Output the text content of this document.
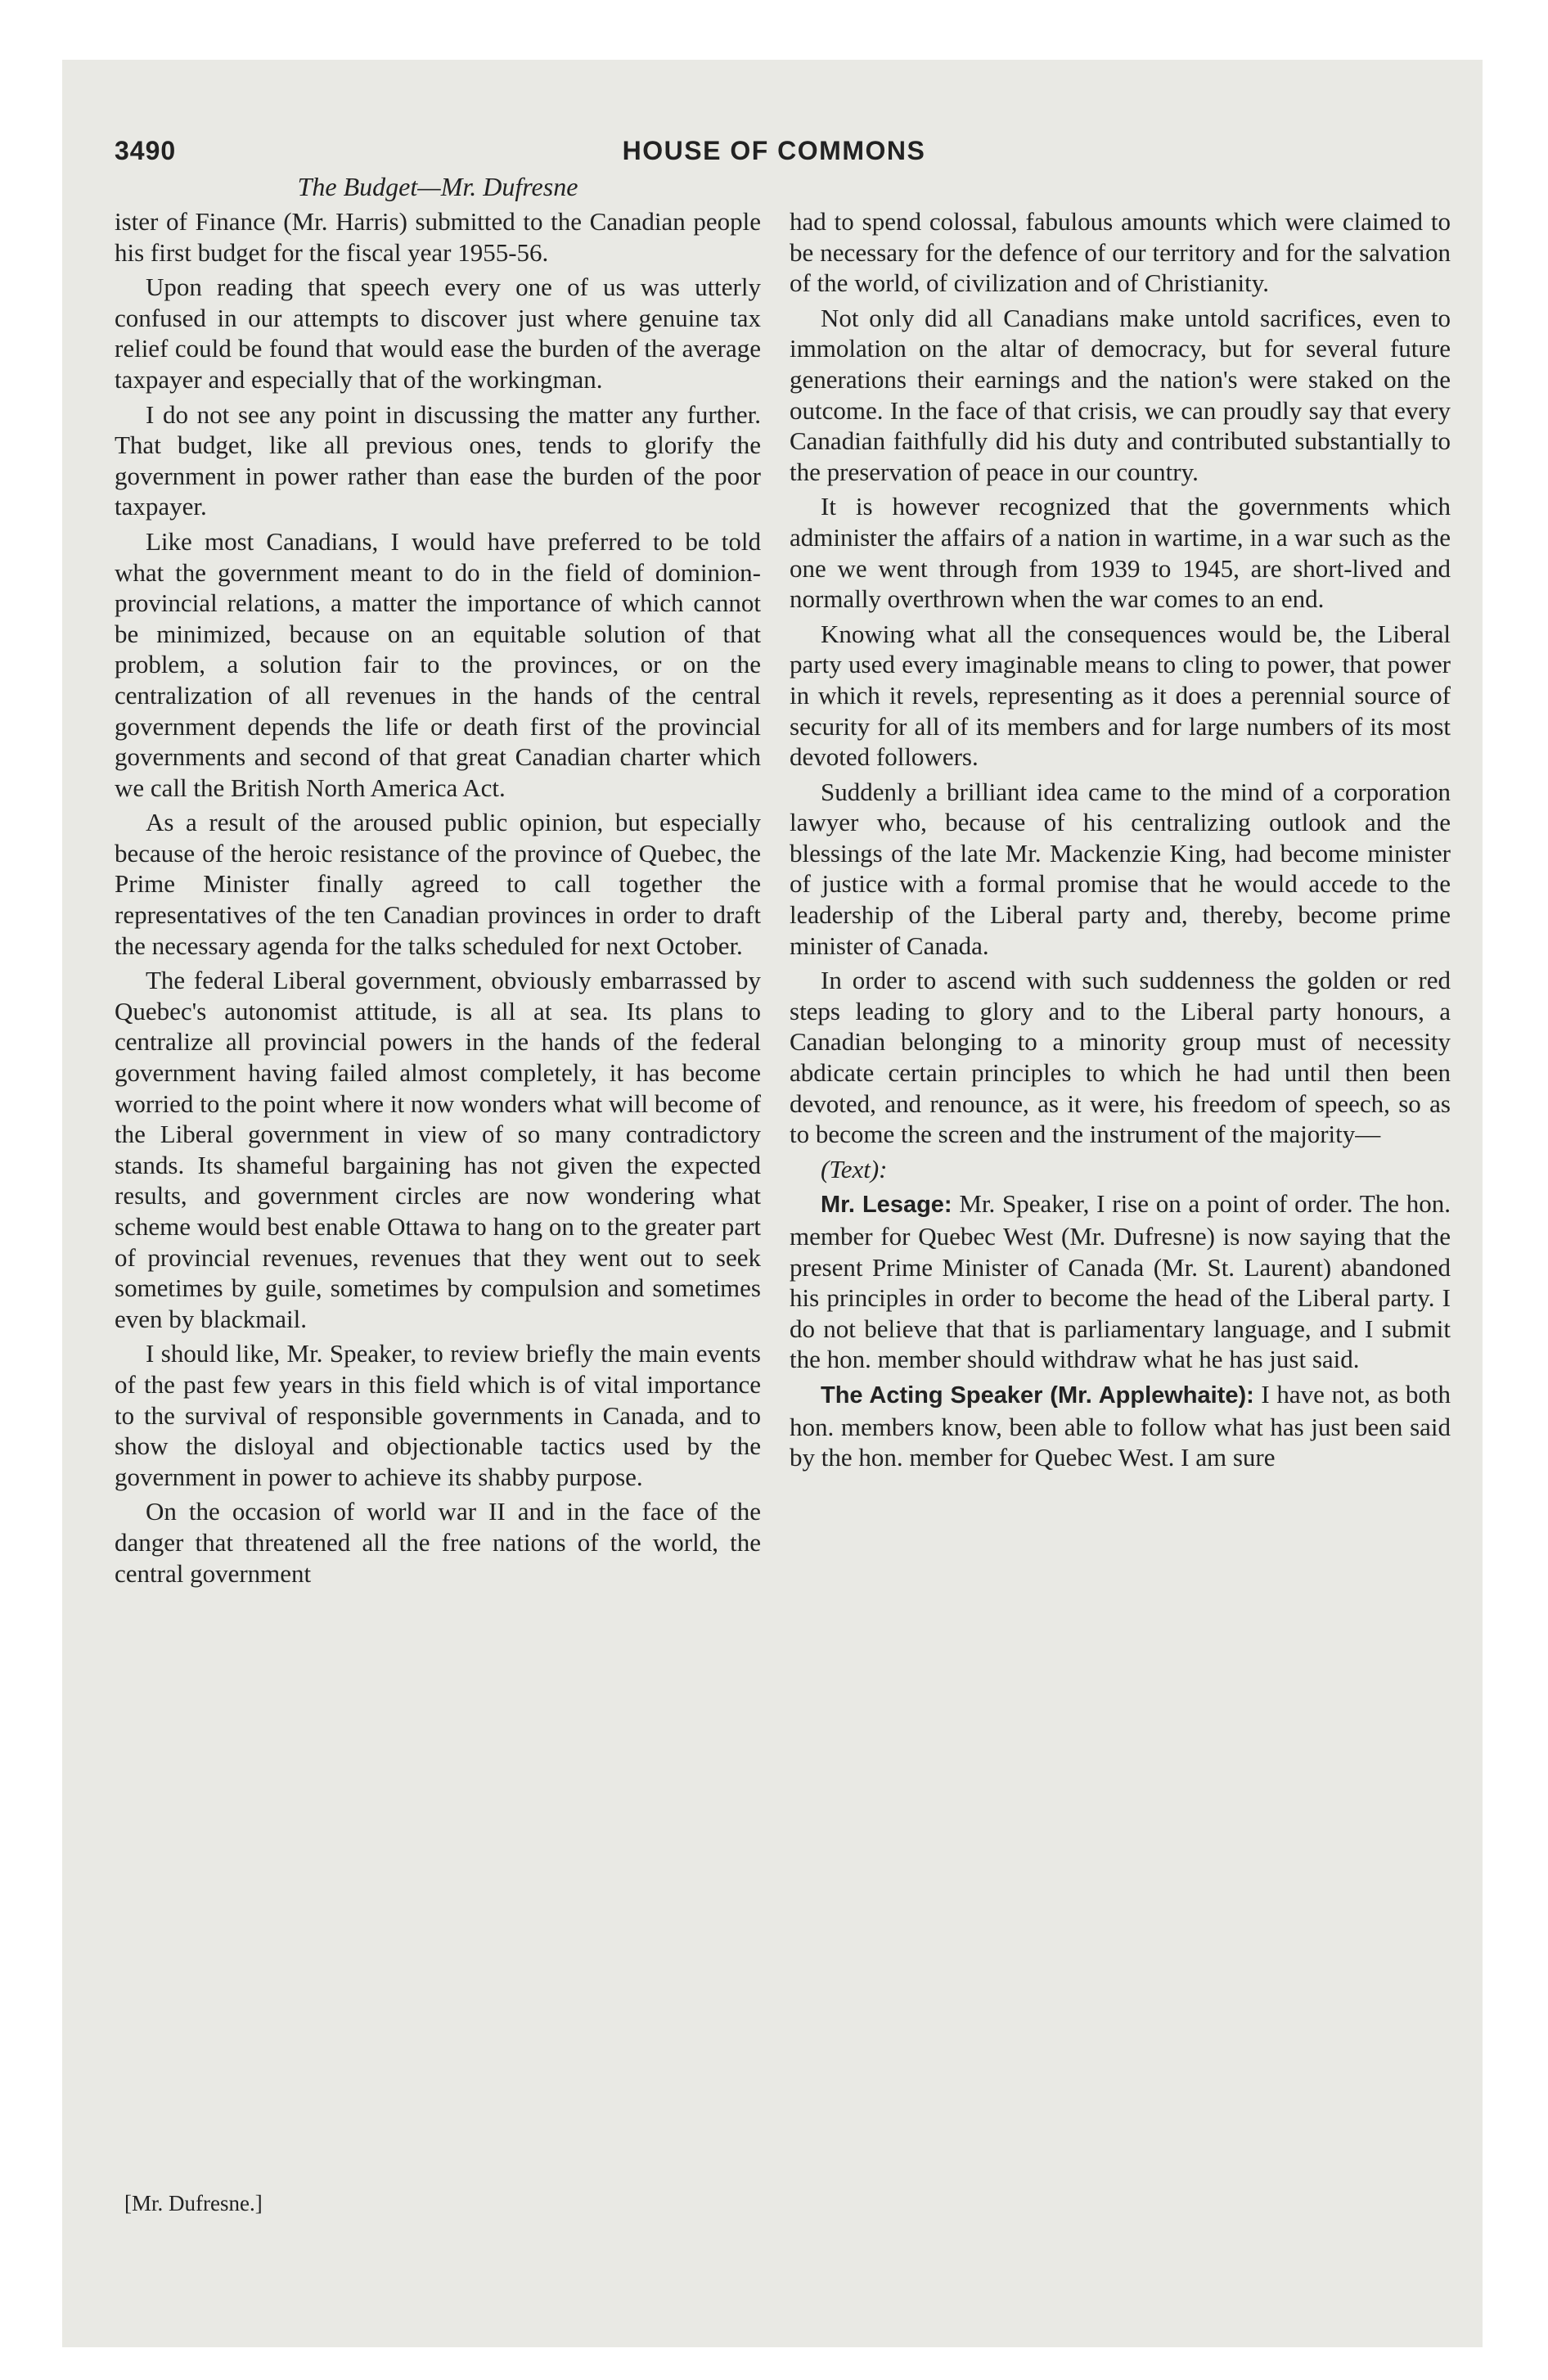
3490	HOUSE OF COMMONS
The Budget—Mr. Dufresne

ister of Finance (Mr. Harris) submitted to the Canadian people his first budget for the fiscal year 1955-56.

Upon reading that speech every one of us was utterly confused in our attempts to discover just where genuine tax relief could be found that would ease the burden of the average taxpayer and especially that of the workingman.

I do not see any point in discussing the matter any further. That budget, like all previous ones, tends to glorify the government in power rather than ease the burden of the poor taxpayer.

Like most Canadians, I would have preferred to be told what the government meant to do in the field of dominion-provincial relations, a matter the importance of which cannot be minimized, because on an equitable solution of that problem, a solution fair to the provinces, or on the centralization of all revenues in the hands of the central government depends the life or death first of the provincial governments and second of that great Canadian charter which we call the British North America Act.

As a result of the aroused public opinion, but especially because of the heroic resistance of the province of Quebec, the Prime Minister finally agreed to call together the representatives of the ten Canadian provinces in order to draft the necessary agenda for the talks scheduled for next October.

The federal Liberal government, obviously embarrassed by Quebec's autonomist attitude, is all at sea. Its plans to centralize all provincial powers in the hands of the federal government having failed almost completely, it has become worried to the point where it now wonders what will become of the Liberal government in view of so many contradictory stands. Its shameful bargaining has not given the expected results, and government circles are now wondering what scheme would best enable Ottawa to hang on to the greater part of provincial revenues, revenues that they went out to seek sometimes by guile, sometimes by compulsion and sometimes even by blackmail.

I should like, Mr. Speaker, to review briefly the main events of the past few years in this field which is of vital importance to the survival of responsible governments in Canada, and to show the disloyal and objectionable tactics used by the government in power to achieve its shabby purpose.

On the occasion of world war II and in the face of the danger that threatened all the free nations of the world, the central government

had to spend colossal, fabulous amounts which were claimed to be necessary for the defence of our territory and for the salvation of the world, of civilization and of Christianity.

Not only did all Canadians make untold sacrifices, even to immolation on the altar of democracy, but for several future generations their earnings and the nation's were staked on the outcome. In the face of that crisis, we can proudly say that every Canadian faithfully did his duty and contributed substantially to the preservation of peace in our country.

It is however recognized that the governments which administer the affairs of a nation in wartime, in a war such as the one we went through from 1939 to 1945, are short-lived and normally overthrown when the war comes to an end.

Knowing what all the consequences would be, the Liberal party used every imaginable means to cling to power, that power in which it revels, representing as it does a perennial source of security for all of its members and for large numbers of its most devoted followers.

Suddenly a brilliant idea came to the mind of a corporation lawyer who, because of his centralizing outlook and the blessings of the late Mr. Mackenzie King, had become minister of justice with a formal promise that he would accede to the leadership of the Liberal party and, thereby, become prime minister of Canada.

In order to ascend with such suddenness the golden or red steps leading to glory and to the Liberal party honours, a Canadian belonging to a minority group must of necessity abdicate certain principles to which he had until then been devoted, and renounce, as it were, his freedom of speech, so as to become the screen and the instrument of the majority—

(Text):

Mr. Lesage: Mr. Speaker, I rise on a point of order. The hon. member for Quebec West (Mr. Dufresne) is now saying that the present Prime Minister of Canada (Mr. St. Laurent) abandoned his principles in order to become the head of the Liberal party. I do not believe that that is parliamentary language, and I submit the hon. member should withdraw what he has just said.

The Acting Speaker (Mr. Applewhaite): I have not, as both hon. members know, been able to follow what has just been said by the hon. member for Quebec West. I am sure

[Mr. Dufresne.]
